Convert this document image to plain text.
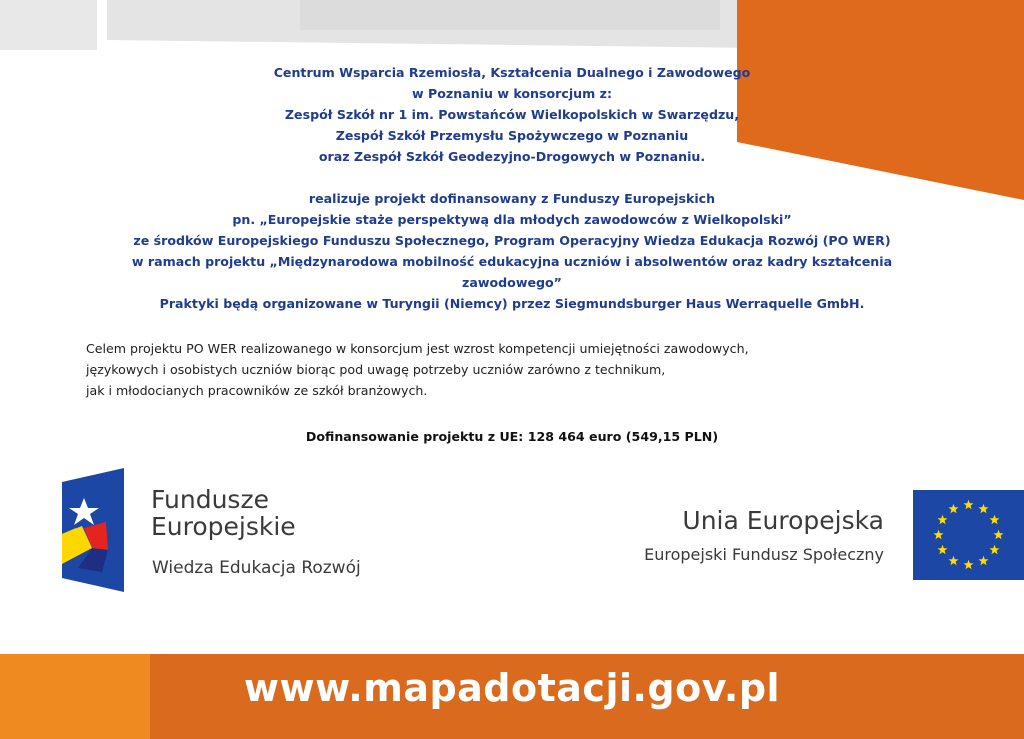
Centrum Wsparcia Rzemiosła, Kształcenia Dualnego i Zawodowego
w Poznaniu w konsorcjum z:
Zespół Szkół nr 1 im. Powstańców Wielkopolskich w Swarzędzu,
Zespół Szkół Przemysłu Spożywczego w Poznaniu
oraz Zespół Szkół Geodezyjno-Drogowych w Poznaniu.
realizuje projekt dofinansowany z Funduszy Europejskich
pn. „Europejskie staże perspektywą dla młodych zawodowców z Wielkopolski”
ze środków Europejskiego Funduszu Społecznego, Program Operacyjny Wiedza Edukacja Rozwój (PO WER)
w ramach projektu „Międzynarodowa mobilność edukacyjna uczniów i absolwentów oraz kadry kształcenia
zawodowego”
Praktyki będą organizowane w Turyngii (Niemcy) przez Siegmundsburger Haus Werraquelle GmbH.
Celem projektu PO WER realizowanego w konsorcjum jest wzrost kompetencji umiejętności zawodowych,
językowych i osobistych uczniów biorąc pod uwagę potrzeby uczniów zarówno z technikum,
jak i młodocianych pracowników ze szkół branżowych.
Dofinansowanie projektu z UE: 128 464 euro (549,15 PLN)
Fundusze
Europejskie
Wiedza Edukacja Rozwój
Unia Europejska
Europejski Fundusz Społeczny
www.mapadotacji.gov.pl
